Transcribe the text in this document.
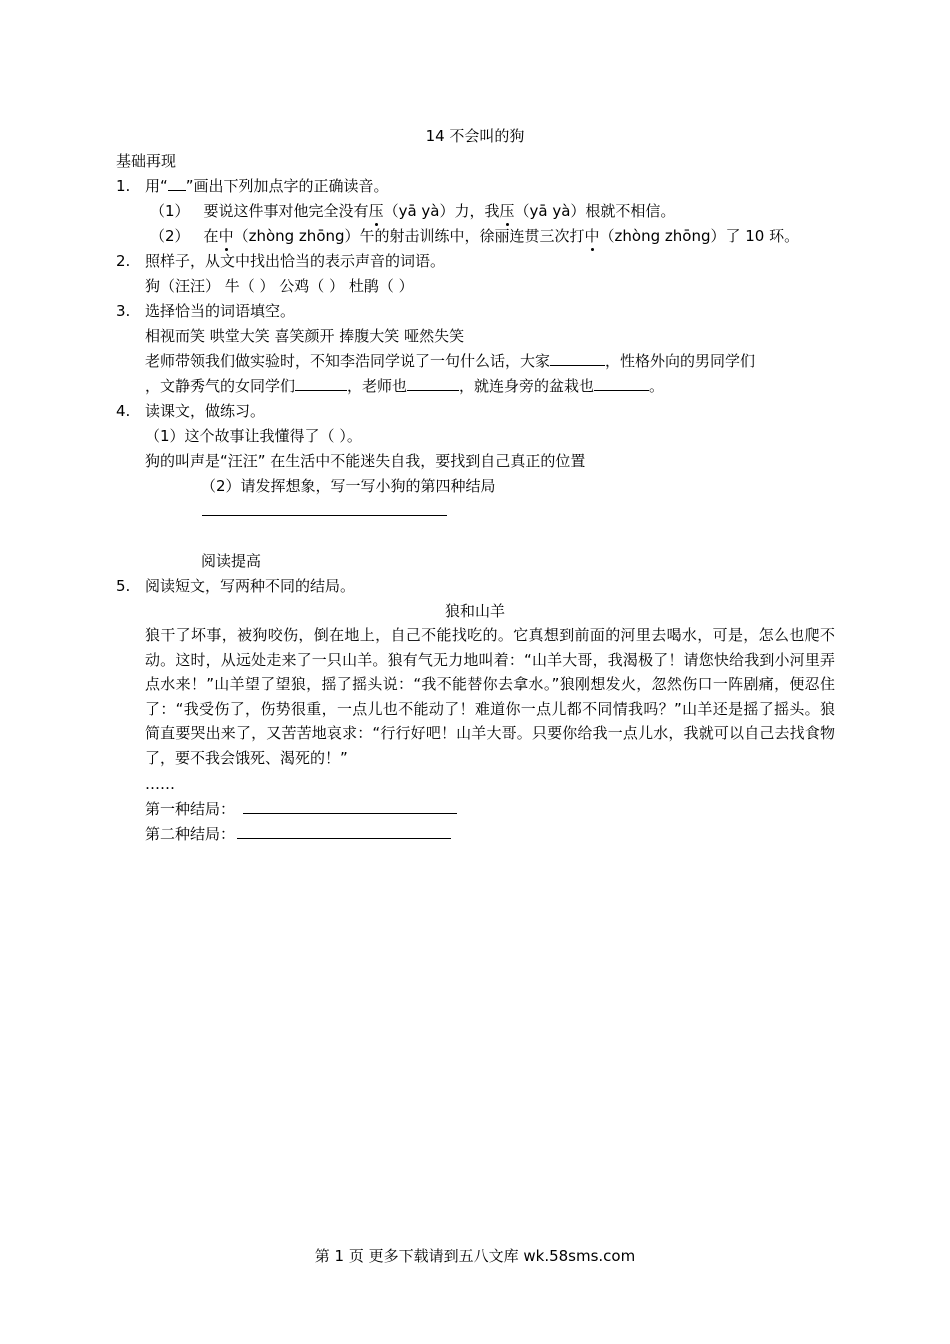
14 不会叫的狗
基础再现
1. 用“ ”画出下列加点字的正确读音。
（1） 要说这件事对他完全没有压（yā yà）力，我压（yā yà）根就不相信。
（2） 在中（zhòng zhōng）午的射击训练中，徐丽连贯三次打中（zhòng zhōng）了 10 环。
2. 照样子，从文中找出恰当的表示声音的词语。
狗（汪汪） 牛（ ） 公鸡（ ） 杜鹃（ ）
3. 选择恰当的词语填空。
相视而笑 哄堂大笑 喜笑颜开 捧腹大笑 哑然失笑
老师带领我们做实验时，不知李浩同学说了一句什么话，大家	，性格外向的男同学们
，文静秀气的女同学们	，老师也	，就连身旁的盆栽也	。
4. 读课文，做练习。
（1）这个故事让我懂得了（ ）。
狗的叫声是“汪汪” 在生活中不能迷失自我，要找到自己真正的位置
（2）请发挥想象，写一写小狗的第四种结局
阅读提高
5. 阅读短文，写两种不同的结局。
狼和山羊
狼干了坏事，被狗咬伤，倒在地上，自己不能找吃的。它真想到前面的河里去喝水，可是，怎么也爬不动。这时，从远处走来了一只山羊。狼有气无力地叫着：“山羊大哥，我渴极了！请您快给我到小河里弄点水来！”山羊望了望狼，摇了摇头说：“我不能替你去拿水。”狼刚想发火，忽然伤口一阵剧痛，便忍住了：“我受伤了，伤势很重，一点儿也不能动了！难道你一点儿都不同情我吗？”山羊还是摇了摇头。狼简直要哭出来了，又苦苦地哀求：“行行好吧！山羊大哥。只要你给我一点儿水，我就可以自己去找食物了，要不我会饿死、渴死的！”
……
第一种结局：
第二种结局：
第 1 页 更多下载请到五八文库 wk.58sms.com
